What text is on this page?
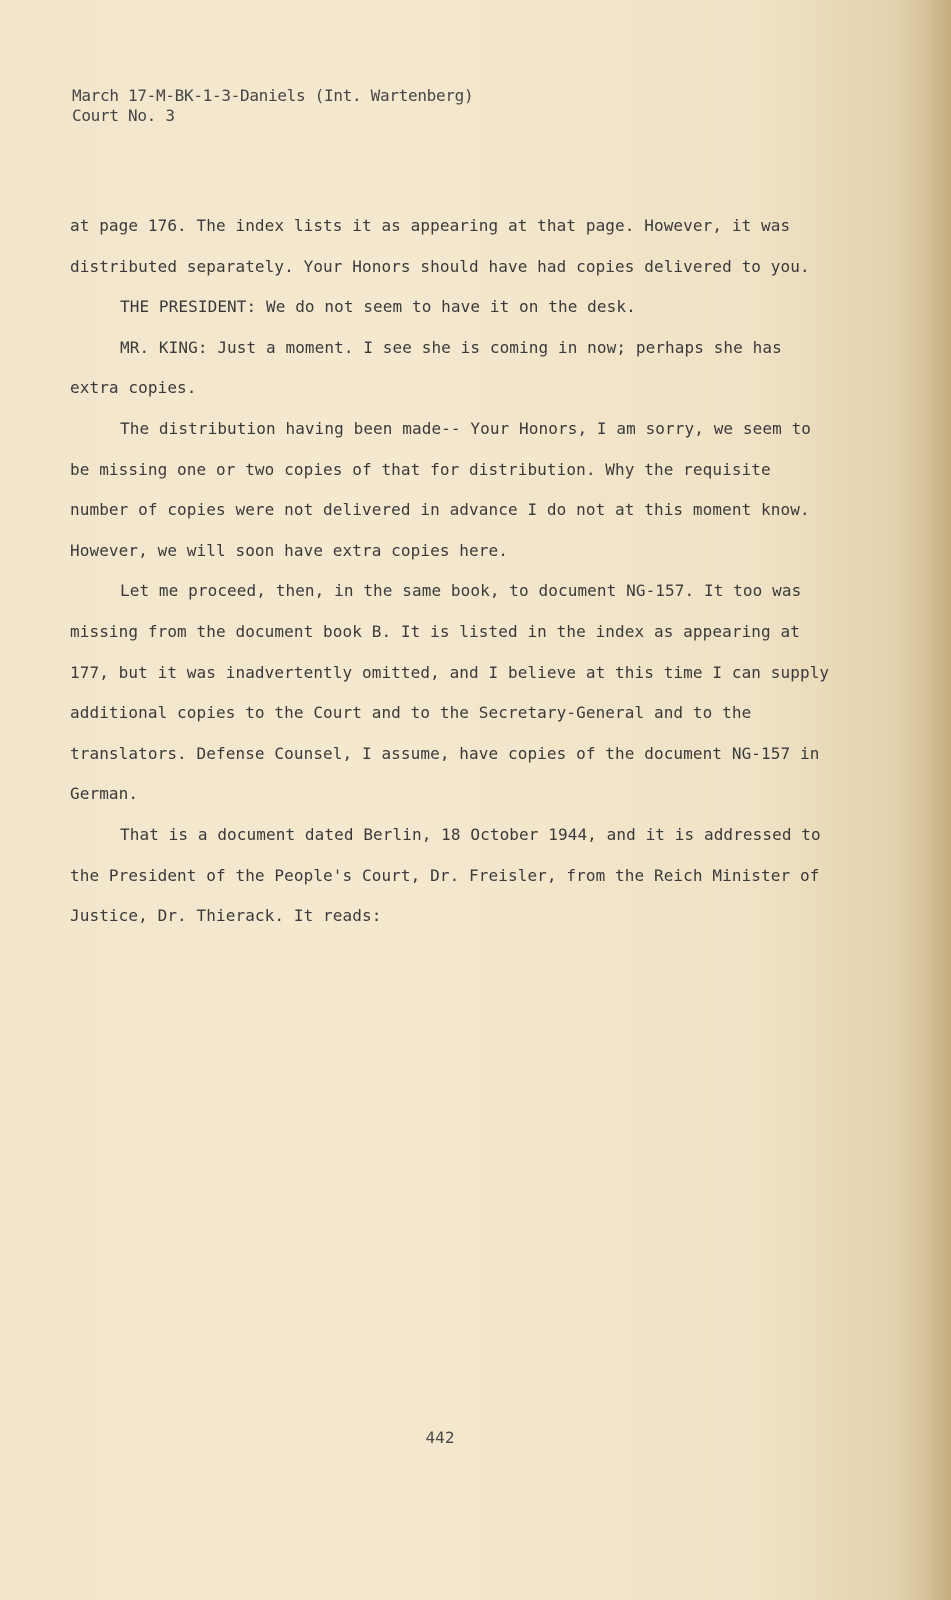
March 17-M-BK-1-3-Daniels (Int. Wartenberg)
Court No. 3
at page 176. The index lists it as appearing at that page. However, it was
distributed separately. Your Honors should have had copies delivered to you.
THE PRESIDENT: We do not seem to have it on the desk.
MR. KING: Just a moment. I see she is coming in now; perhaps she has
extra copies.
The distribution having been made-- Your Honors, I am sorry, we seem to
be missing one or two copies of that for distribution. Why the requisite
number of copies were not delivered in advance I do not at this moment know.
However, we will soon have extra copies here.
Let me proceed, then, in the same book, to document NG-157. It too was
missing from the document book B. It is listed in the index as appearing at
177, but it was inadvertently omitted, and I believe at this time I can supply
additional copies to the Court and to the Secretary-General and to the
translators. Defense Counsel, I assume, have copies of the document NG-157 in
German.
That is a document dated Berlin, 18 October 1944, and it is addressed to
the President of the People's Court, Dr. Freisler, from the Reich Minister of
Justice, Dr. Thierack. It reads:
442
